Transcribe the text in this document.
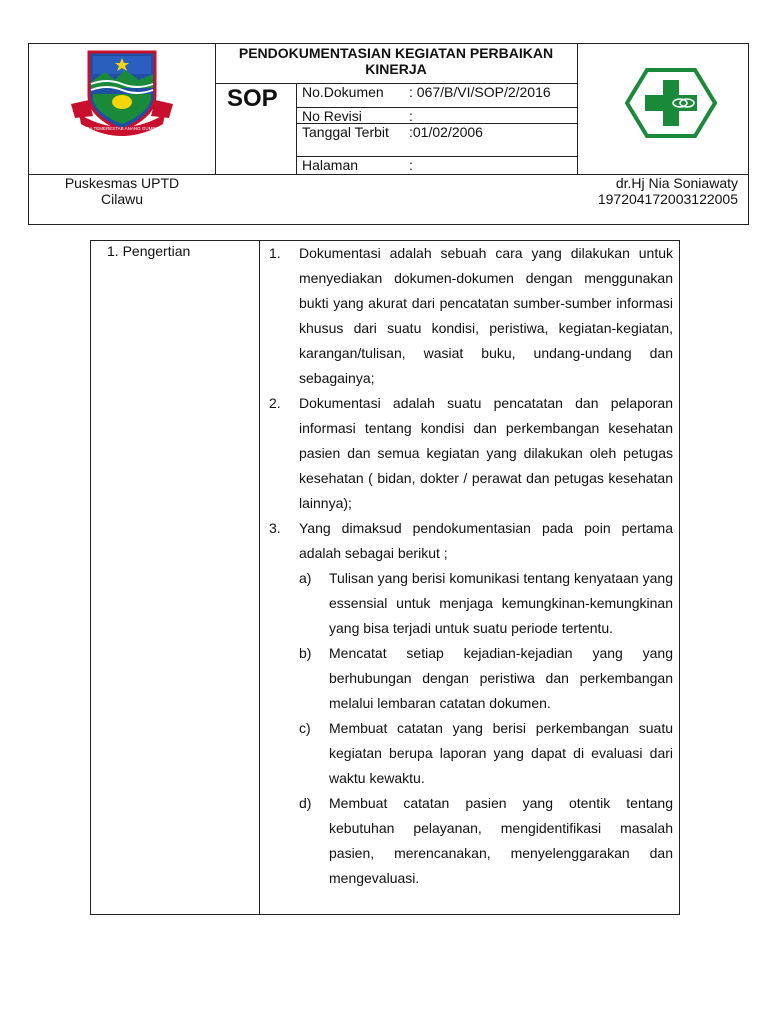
RAGA TEMERESTAB ANANG GUMELAR
PENDOKUMENTASIAN KEGIATAN PERBAIKAN KINERJA
SOP	No.Dokumen	: 067/B/VI/SOP/2/2016
No Revisi	:
Tanggal Terbit	:01/02/2006
Halaman	:
Puskesmas UPTD
Cilawu
dr.Hj Nia Soniawaty
197204172003122005
1. Pengertian	1. Dokumentasi adalah sebuah cara yang dilakukan untuk menyediakan dokumen-dokumen dengan menggunakan bukti yang akurat dari pencatatan sumber-sumber informasi khusus dari suatu kondisi, peristiwa, kegiatan-kegiatan, karangan/tulisan, wasiat buku, undang-undang dan sebagainya;
2. Dokumentasi adalah suatu pencatatan dan pelaporan informasi tentang kondisi dan perkembangan kesehatan pasien dan semua kegiatan yang dilakukan oleh petugas kesehatan ( bidan, dokter / perawat dan petugas kesehatan lainnya);
3. Yang dimaksud pendokumentasian pada poin pertama adalah sebagai berikut ;
a) Tulisan yang berisi komunikasi tentang kenyataan yang essensial untuk menjaga kemungkinan-kemungkinan yang bisa terjadi untuk suatu periode tertentu.
b) Mencatat setiap kejadian-kejadian yang yang berhubungan dengan peristiwa dan perkembangan melalui lembaran catatan dokumen.
c) Membuat catatan yang berisi perkembangan suatu kegiatan berupa laporan yang dapat di evaluasi dari waktu kewaktu.
d) Membuat catatan pasien yang otentik tentang kebutuhan pelayanan, mengidentifikasi masalah pasien, merencanakan, menyelenggarakan dan mengevaluasi.
